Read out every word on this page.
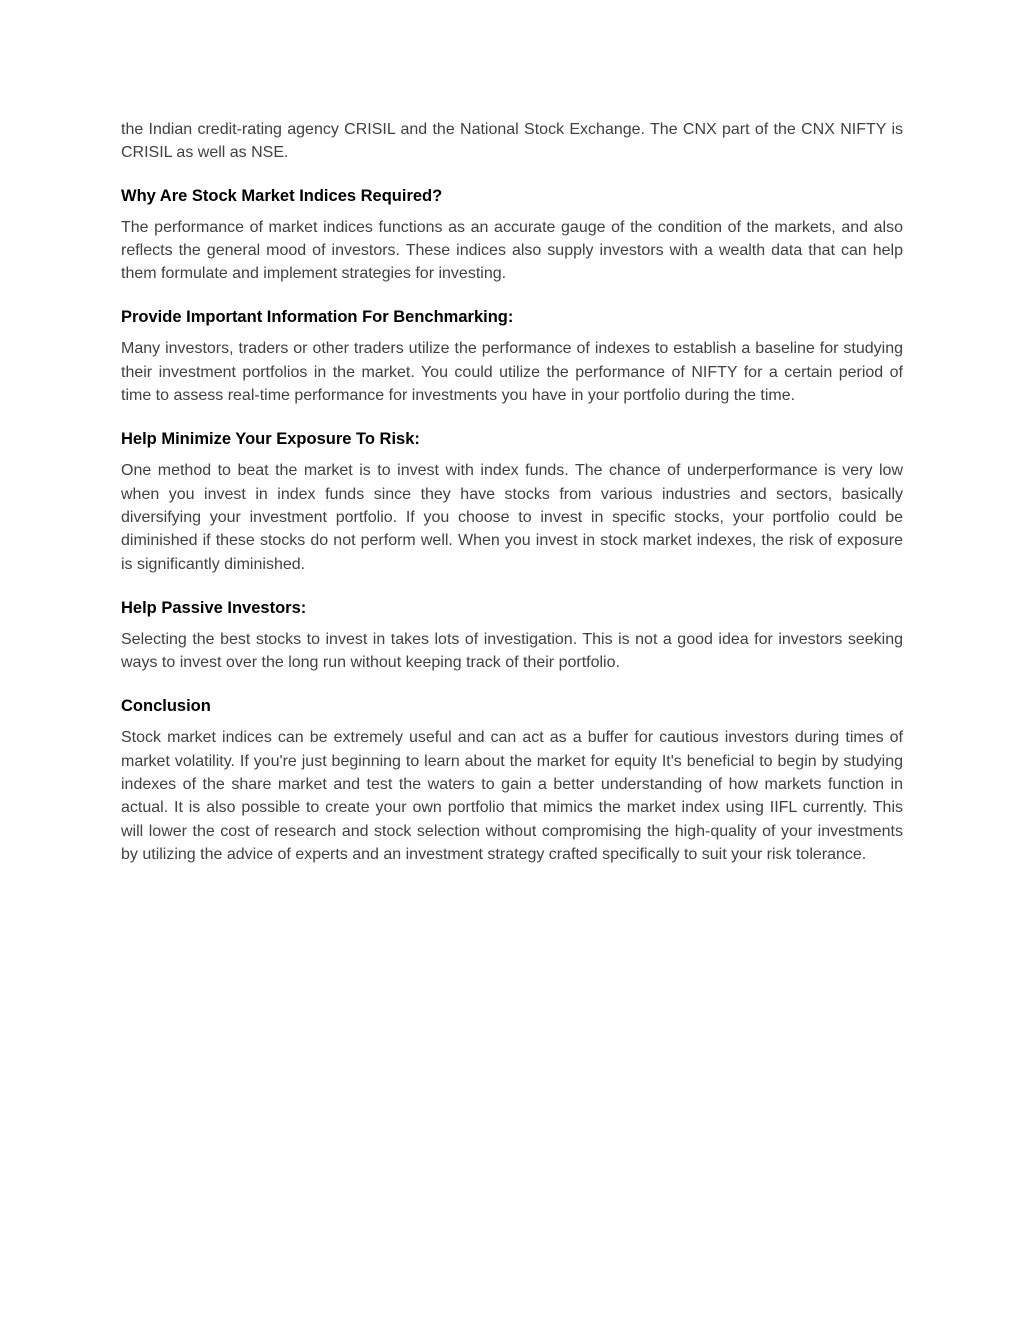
the Indian credit-rating agency CRISIL and the National Stock Exchange. The CNX part of the CNX NIFTY is CRISIL as well as NSE.

Why Are Stock Market Indices Required?

The performance of market indices functions as an accurate gauge of the condition of the markets, and also reflects the general mood of investors. These indices also supply investors with a wealth data that can help them formulate and implement strategies for investing.

Provide Important Information For Benchmarking:

Many investors, traders or other traders utilize the performance of indexes to establish a baseline for studying their investment portfolios in the market. You could utilize the performance of NIFTY for a certain period of time to assess real-time performance for investments you have in your portfolio during the time.

Help Minimize Your Exposure To Risk:

One method to beat the market is to invest with index funds. The chance of underperformance is very low when you invest in index funds since they have stocks from various industries and sectors, basically diversifying your investment portfolio. If you choose to invest in specific stocks, your portfolio could be diminished if these stocks do not perform well. When you invest in stock market indexes, the risk of exposure is significantly diminished.

Help Passive Investors:

Selecting the best stocks to invest in takes lots of investigation. This is not a good idea for investors seeking ways to invest over the long run without keeping track of their portfolio.

Conclusion

Stock market indices can be extremely useful and can act as a buffer for cautious investors during times of market volatility. If you're just beginning to learn about the market for equity It's beneficial to begin by studying indexes of the share market and test the waters to gain a better understanding of how markets function in actual. It is also possible to create your own portfolio that mimics the market index using IIFL currently. This will lower the cost of research and stock selection without compromising the high-quality of your investments by utilizing the advice of experts and an investment strategy crafted specifically to suit your risk tolerance.
